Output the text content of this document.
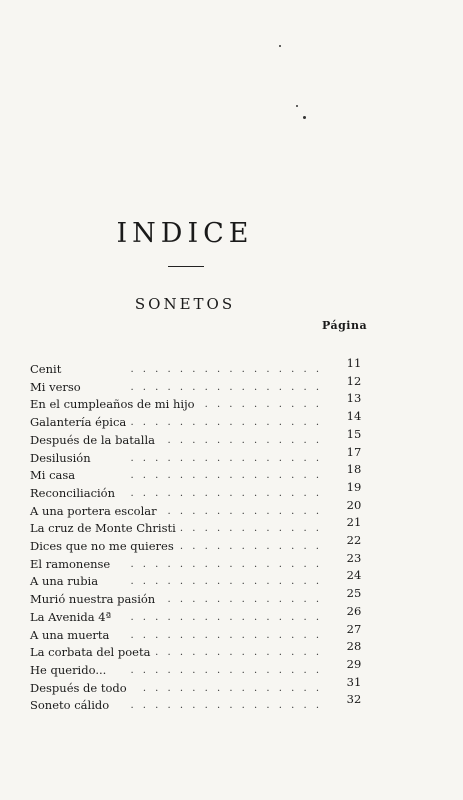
INDICE
SONETOS
Página
Cenit	. . . . . . . . . . . . . . . .	11
Mi verso	. . . . . . . . . . . . . . . .	12
En el cumpleaños de mi hijo . . . . . . . . . .	13
Galantería épica . . . . . . . . . . . . . . . .	14
Después de la batalla . . . . . . . . . . . . .	15
Desilusión	. . . . . . . . . . . . . . . .	17
Mi casa	. . . . . . . . . . . . . . . .	18
Reconciliación . . . . . . . . . . . . . . . .	19
A una portera escolar . . . . . . . . . . . . .	20
La cruz de Monte Christi . . . . . . . . . . . .	21
Dices que no me quieres . . . . . . . . . . . .	22
El ramonense . . . . . . . . . . . . . . . .	23
A una rubia	. . . . . . . . . . . . . . . .	24
Murió nuestra pasión . . . . . . . . . . . . .	25
La Avenida 4ª . . . . . . . . . . . . . . . .	26
A una muerta . . . . . . . . . . . . . . . .	27
La corbata del poeta . . . . . . . . . . . . . .	28
He querido... . . . . . . . . . . . . . . . .	29
Después de todo . . . . . . . . . . . . . . .	31
Soneto cálido . . . . . . . . . . . . . . . .	32
